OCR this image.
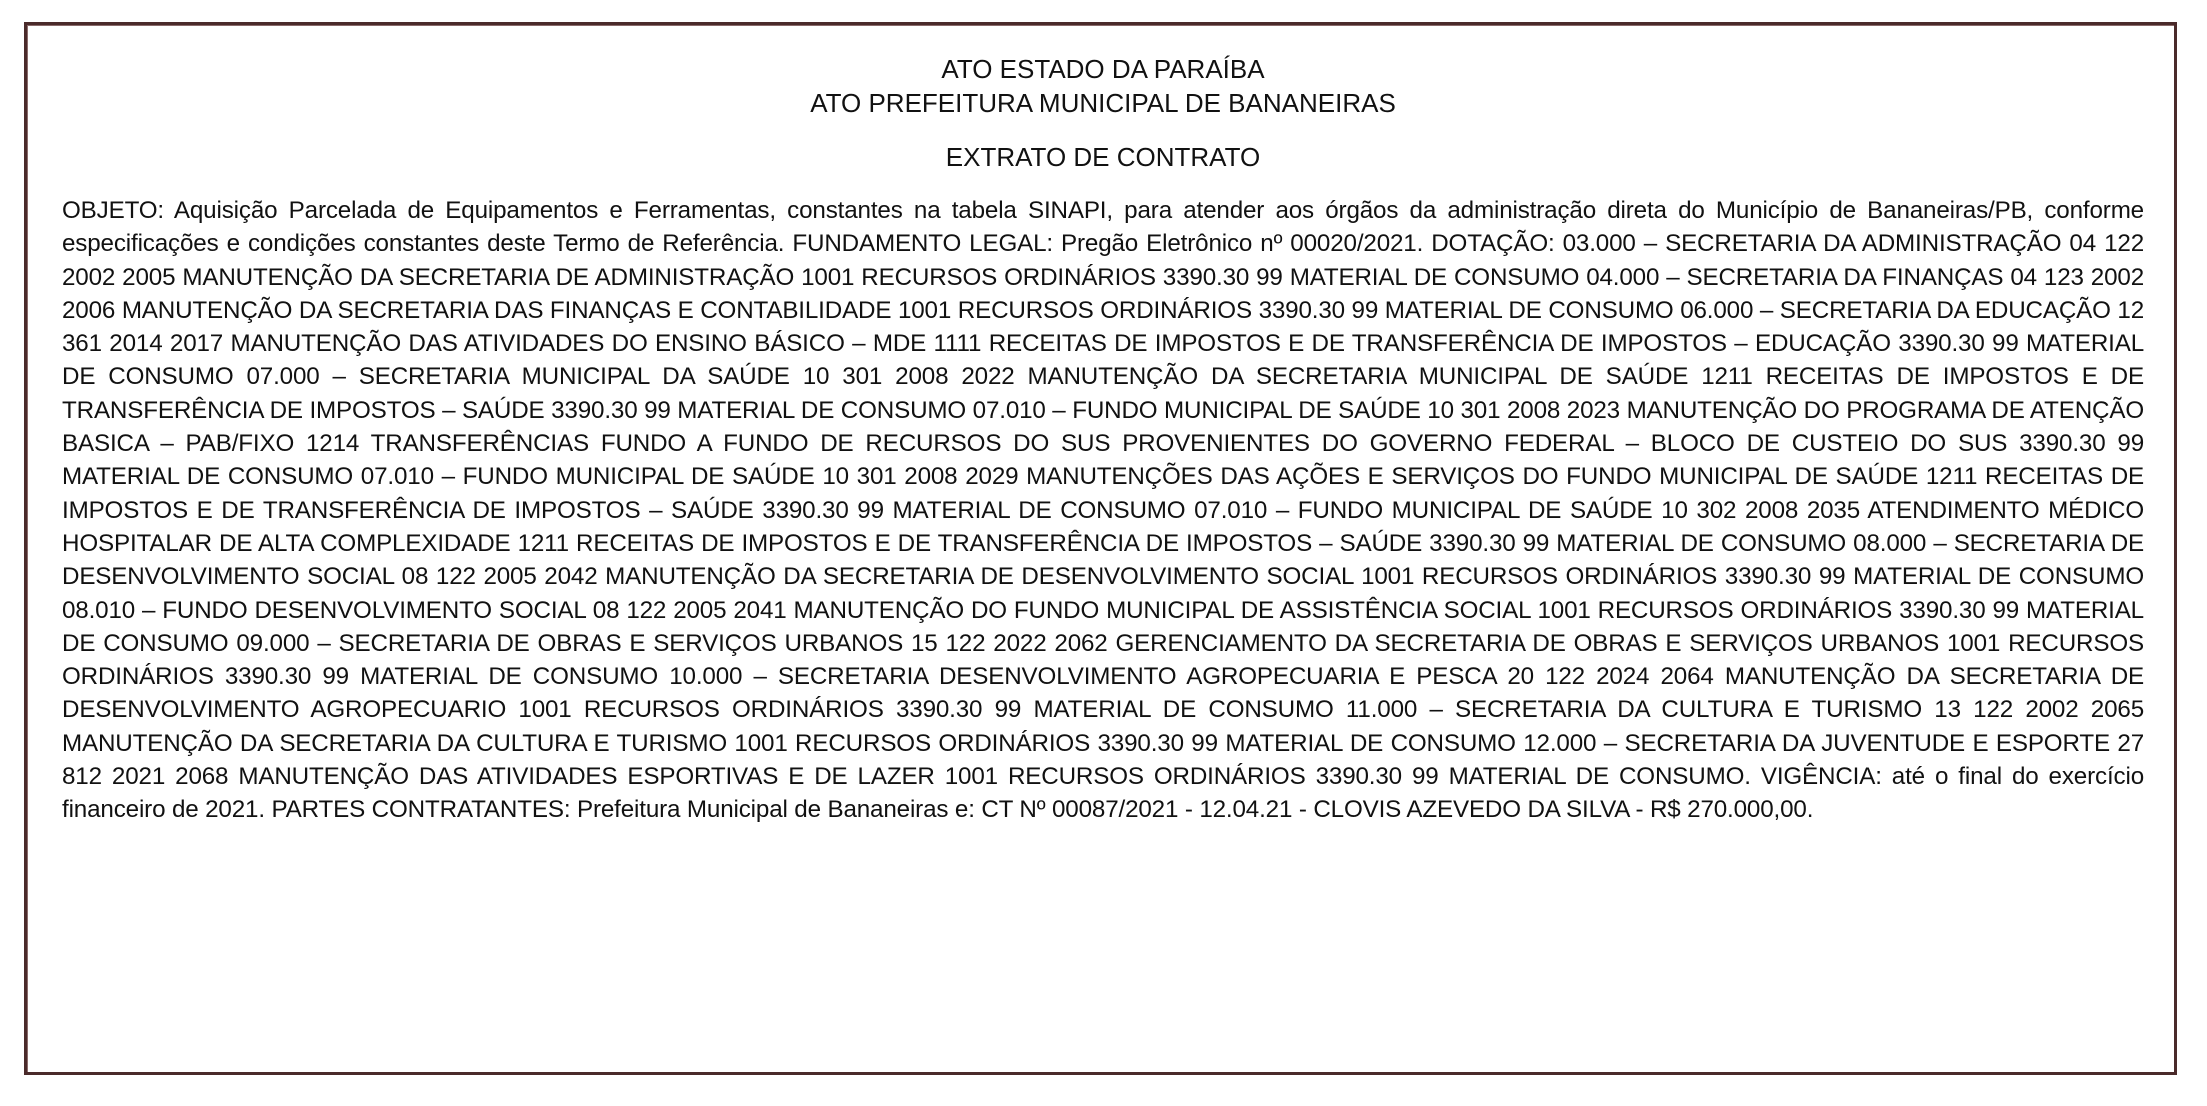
ATO ESTADO DA PARAÍBA

ATO PREFEITURA MUNICIPAL DE BANANEIRAS

EXTRATO DE CONTRATO

OBJETO: Aquisição Parcelada de Equipamentos e Ferramentas, constantes na tabela SINAPI, para atender aos órgãos da administração direta do Município de Bananeiras/PB, conforme especificações e condições constantes deste Termo de Referência. FUNDAMENTO LEGAL: Pregão Eletrônico nº 00020/2021. DOTAÇÃO: 03.000 – SECRETARIA DA ADMINISTRAÇÃO 04 122 2002 2005 MANUTENÇÃO DA SECRETARIA DE ADMINISTRAÇÃO 1001 RECURSOS ORDINÁRIOS 3390.30 99 MATERIAL DE CONSUMO 04.000 – SECRETARIA DA FINANÇAS 04 123 2002 2006 MANUTENÇÃO DA SECRETARIA DAS FINANÇAS E CONTABILIDADE 1001 RECURSOS ORDINÁRIOS 3390.30 99 MATERIAL DE CONSUMO 06.000 – SECRETARIA DA EDUCAÇÃO 12 361 2014 2017 MANUTENÇÃO DAS ATIVIDADES DO ENSINO BÁSICO – MDE 1111 RECEITAS DE IMPOSTOS E DE TRANSFERÊNCIA DE IMPOSTOS – EDUCAÇÃO 3390.30 99 MATERIAL DE CONSUMO 07.000 – SECRETARIA MUNICIPAL DA SAÚDE 10 301 2008 2022 MANUTENÇÃO DA SECRETARIA MUNICIPAL DE SAÚDE 1211 RECEITAS DE IMPOSTOS E DE TRANSFERÊNCIA DE IMPOSTOS – SAÚDE 3390.30 99 MATERIAL DE CONSUMO 07.010 – FUNDO MUNICIPAL DE SAÚDE 10 301 2008 2023 MANUTENÇÃO DO PROGRAMA DE ATENÇÃO BASICA – PAB/FIXO 1214 TRANSFERÊNCIAS FUNDO A FUNDO DE RECURSOS DO SUS PROVENIENTES DO GOVERNO FEDERAL – BLOCO DE CUSTEIO DO SUS 3390.30 99 MATERIAL DE CONSUMO 07.010 – FUNDO MUNICIPAL DE SAÚDE 10 301 2008 2029 MANUTENÇÕES DAS AÇÕES E SERVIÇOS DO FUNDO MUNICIPAL DE SAÚDE 1211 RECEITAS DE IMPOSTOS E DE TRANSFERÊNCIA DE IMPOSTOS – SAÚDE 3390.30 99 MATERIAL DE CONSUMO 07.010 – FUNDO MUNICIPAL DE SAÚDE 10 302 2008 2035 ATENDIMENTO MÉDICO HOSPITALAR DE ALTA COMPLEXIDADE 1211 RECEITAS DE IMPOSTOS E DE TRANSFERÊNCIA DE IMPOSTOS – SAÚDE 3390.30 99 MATERIAL DE CONSUMO 08.000 – SECRETARIA DE DESENVOLVIMENTO SOCIAL 08 122 2005 2042 MANUTENÇÃO DA SECRETARIA DE DESENVOLVIMENTO SOCIAL 1001 RECURSOS ORDINÁRIOS 3390.30 99 MATERIAL DE CONSUMO 08.010 – FUNDO DESENVOLVIMENTO SOCIAL 08 122 2005 2041 MANUTENÇÃO DO FUNDO MUNICIPAL DE ASSISTÊNCIA SOCIAL 1001 RECURSOS ORDINÁRIOS 3390.30 99 MATERIAL DE CONSUMO 09.000 – SECRETARIA DE OBRAS E SERVIÇOS URBANOS 15 122 2022 2062 GERENCIAMENTO DA SECRETARIA DE OBRAS E SERVIÇOS URBANOS 1001 RECURSOS ORDINÁRIOS 3390.30 99 MATERIAL DE CONSUMO 10.000 – SECRETARIA DESENVOLVIMENTO AGROPECUARIA E PESCA 20 122 2024 2064 MANUTENÇÃO DA SECRETARIA DE DESENVOLVIMENTO AGROPECUARIO 1001 RECURSOS ORDINÁRIOS 3390.30 99 MATERIAL DE CONSUMO 11.000 – SECRETARIA DA CULTURA E TURISMO 13 122 2002 2065 MANUTENÇÃO DA SECRETARIA DA CULTURA E TURISMO 1001 RECURSOS ORDINÁRIOS 3390.30 99 MATERIAL DE CONSUMO 12.000 – SECRETARIA DA JUVENTUDE E ESPORTE 27 812 2021 2068 MANUTENÇÃO DAS ATIVIDADES ESPORTIVAS E DE LAZER 1001 RECURSOS ORDINÁRIOS 3390.30 99 MATERIAL DE CONSUMO. VIGÊNCIA: até o final do exercício financeiro de 2021. PARTES CONTRATANTES: Prefeitura Municipal de Bananeiras e: CT Nº 00087/2021 - 12.04.21 - CLOVIS AZEVEDO DA SILVA - R$ 270.000,00.
